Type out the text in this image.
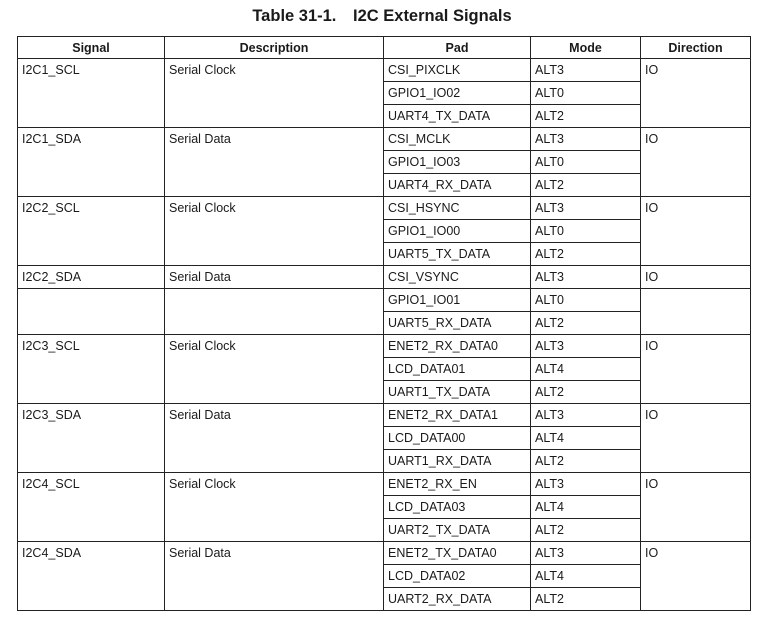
Table 31-1. I2C External Signals
Signal	Description	Pad	Mode	Direction
I2C1_SCL	Serial Clock	CSI_PIXCLK	ALT3	IO
		GPIO1_IO02	ALT0	
		UART4_TX_DATA	ALT2	
I2C1_SDA	Serial Data	CSI_MCLK	ALT3	IO
		GPIO1_IO03	ALT0	
		UART4_RX_DATA	ALT2	
I2C2_SCL	Serial Clock	CSI_HSYNC	ALT3	IO
		GPIO1_IO00	ALT0	
		UART5_TX_DATA	ALT2	
I2C2_SDA	Serial Data	CSI_VSYNC	ALT3	IO
		GPIO1_IO01	ALT0	
		UART5_RX_DATA	ALT2	
I2C3_SCL	Serial Clock	ENET2_RX_DATA0	ALT3	IO
		LCD_DATA01	ALT4	
		UART1_TX_DATA	ALT2	
I2C3_SDA	Serial Data	ENET2_RX_DATA1	ALT3	IO
		LCD_DATA00	ALT4	
		UART1_RX_DATA	ALT2	
I2C4_SCL	Serial Clock	ENET2_RX_EN	ALT3	IO
		LCD_DATA03	ALT4	
		UART2_TX_DATA	ALT2	
I2C4_SDA	Serial Data	ENET2_TX_DATA0	ALT3	IO
		LCD_DATA02	ALT4	
		UART2_RX_DATA	ALT2	
